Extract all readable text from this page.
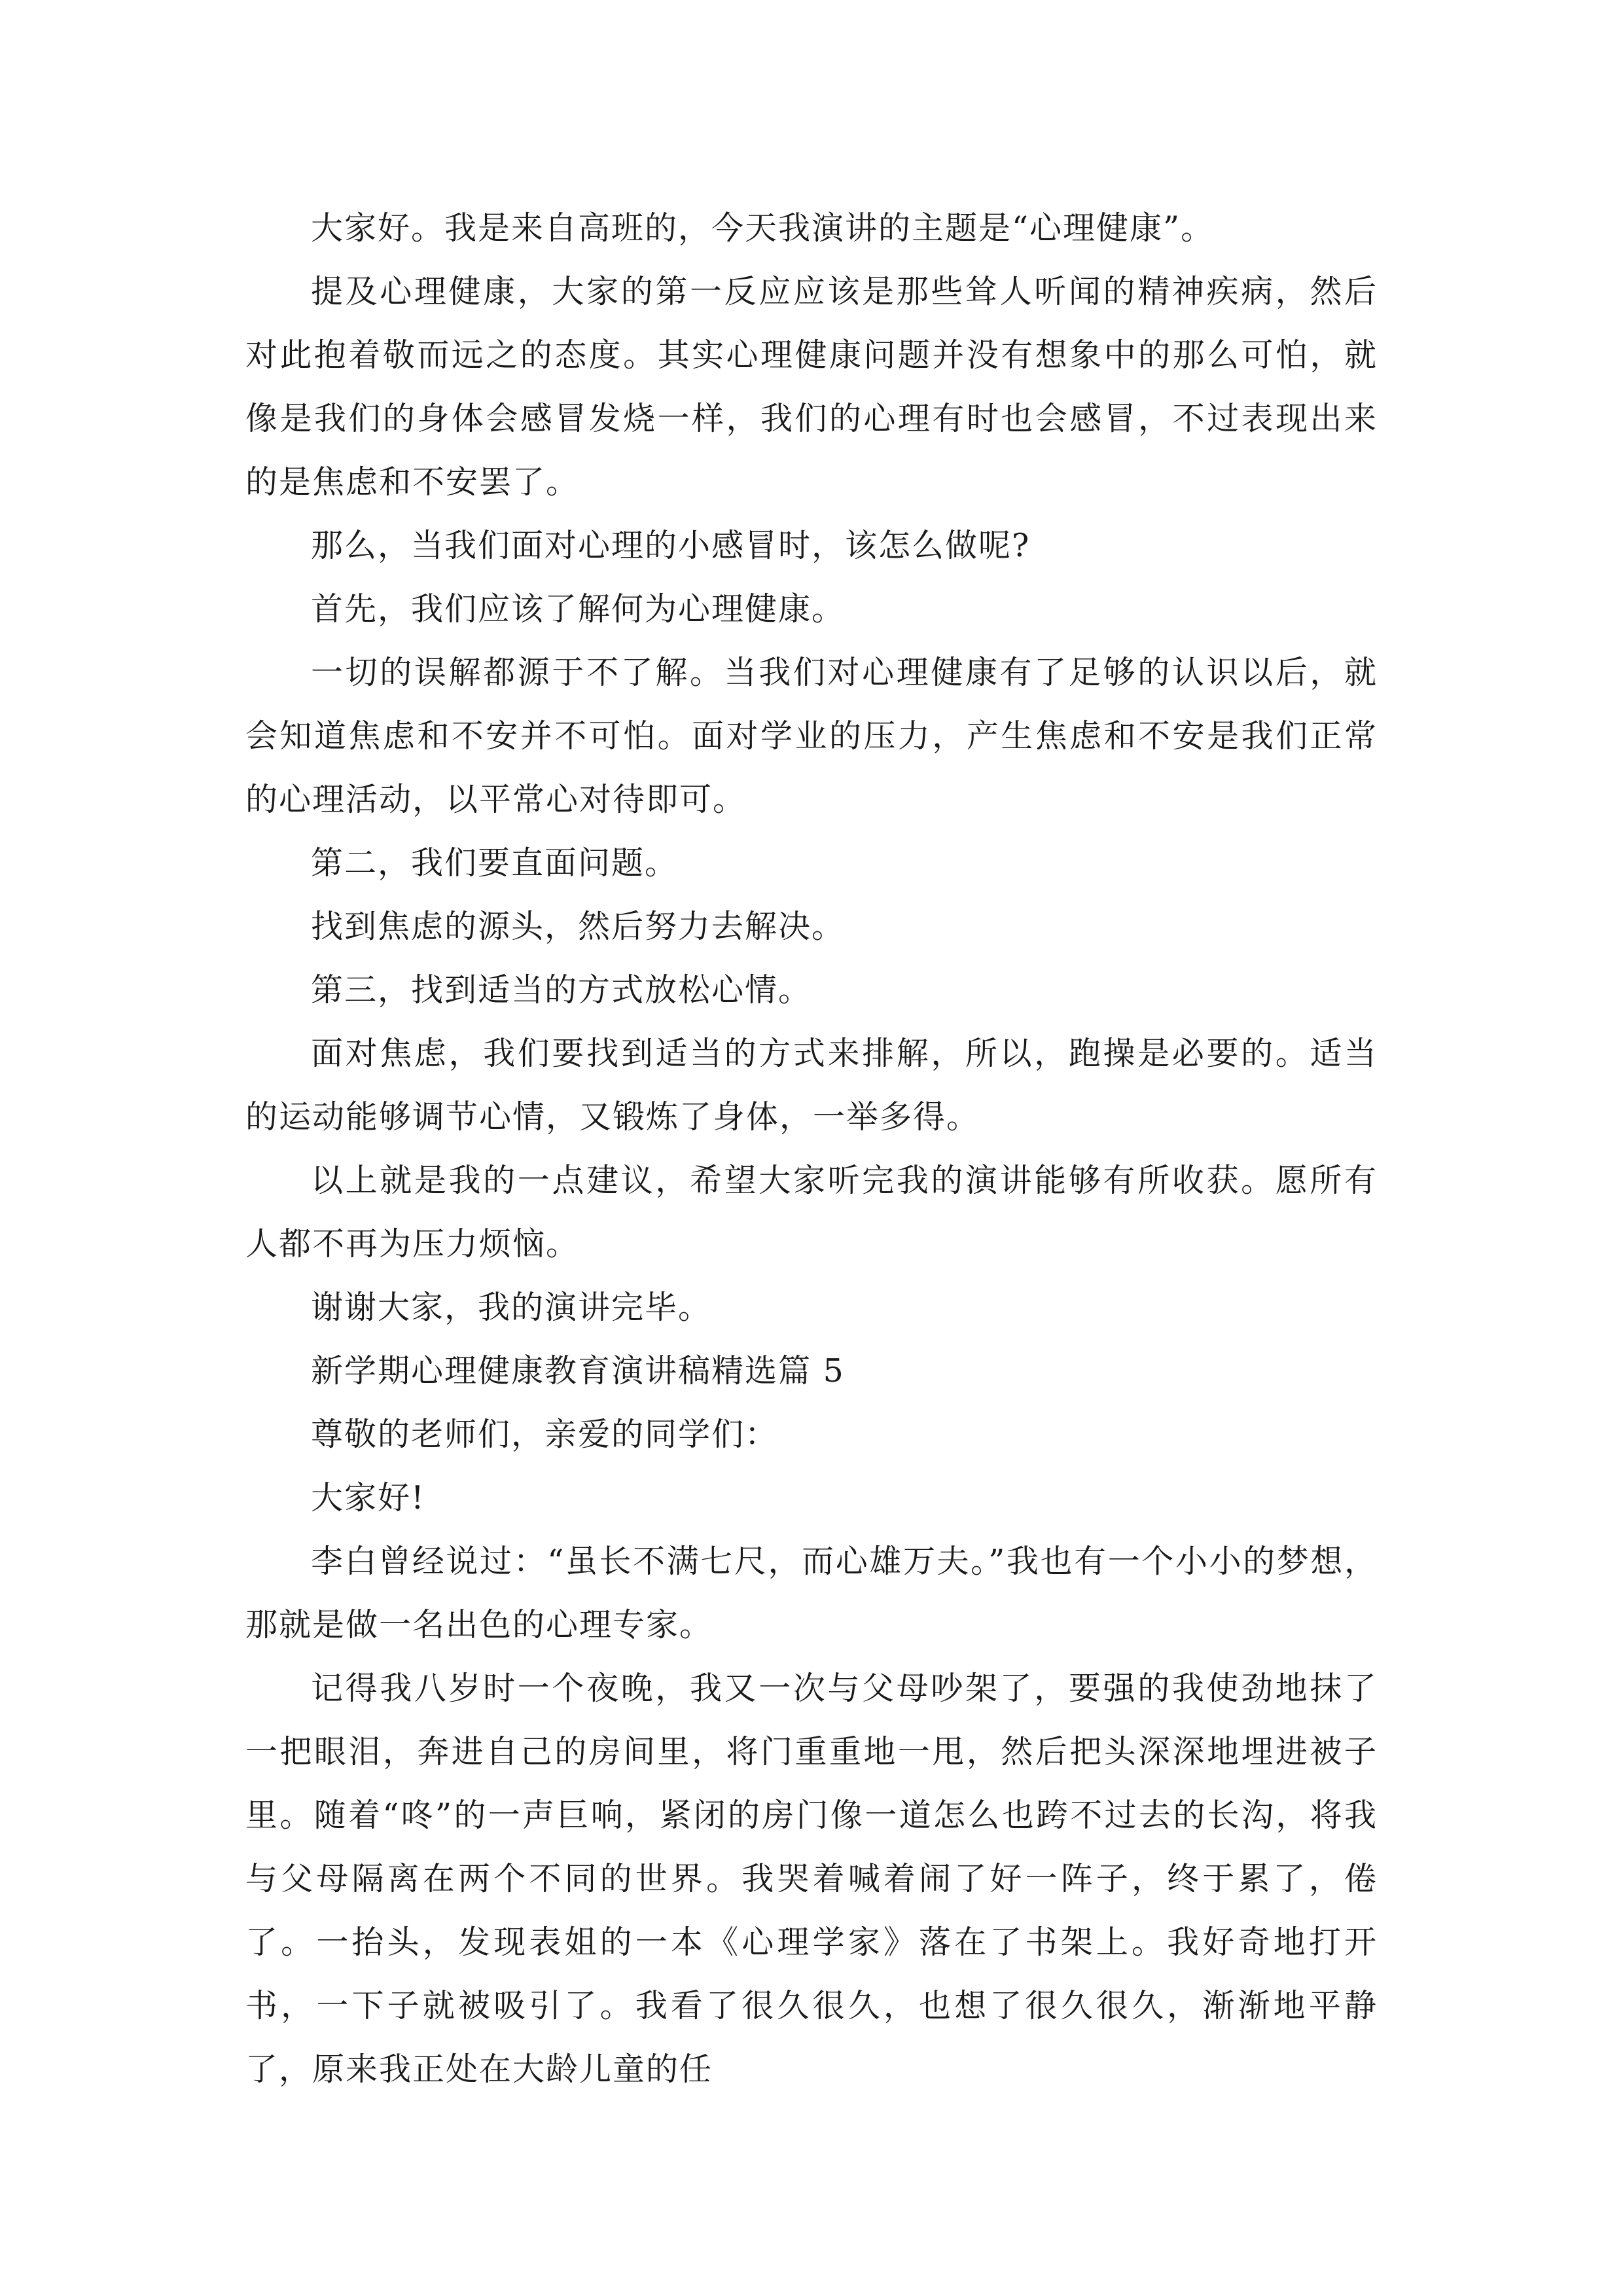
大家好。我是来自高班的，今天我演讲的主题是“心理健康”。

提及心理健康，大家的第一反应应该是那些耸人听闻的精神疾病，然后对此抱着敬而远之的态度。其实心理健康问题并没有想象中的那么可怕，就像是我们的身体会感冒发烧一样，我们的心理有时也会感冒，不过表现出来的是焦虑和不安罢了。

那么，当我们面对心理的小感冒时，该怎么做呢?

首先，我们应该了解何为心理健康。

一切的误解都源于不了解。当我们对心理健康有了足够的认识以后，就会知道焦虑和不安并不可怕。面对学业的压力，产生焦虑和不安是我们正常的心理活动，以平常心对待即可。

第二，我们要直面问题。

找到焦虑的源头，然后努力去解决。

第三，找到适当的方式放松心情。

面对焦虑，我们要找到适当的方式来排解，所以，跑操是必要的。适当的运动能够调节心情，又锻炼了身体，一举多得。

以上就是我的一点建议，希望大家听完我的演讲能够有所收获。愿所有人都不再为压力烦恼。

谢谢大家，我的演讲完毕。

新学期心理健康教育演讲稿精选篇 5

尊敬的老师们，亲爱的同学们：

大家好!

李白曾经说过：“虽长不满七尺，而心雄万夫。”我也有一个小小的梦想，那就是做一名出色的心理专家。

记得我八岁时一个夜晚，我又一次与父母吵架了，要强的我使劲地抹了一把眼泪，奔进自己的房间里，将门重重地一甩，然后把头深深地埋进被子里。随着“咚”的一声巨响，紧闭的房门像一道怎么也跨不过去的长沟，将我与父母隔离在两个不同的世界。我哭着喊着闹了好一阵子，终于累了，倦了。一抬头，发现表姐的一本《心理学家》落在了书架上。我好奇地打开书，一下子就被吸引了。我看了很久很久，也想了很久很久，渐渐地平静了，原来我正处在大龄儿童的任
